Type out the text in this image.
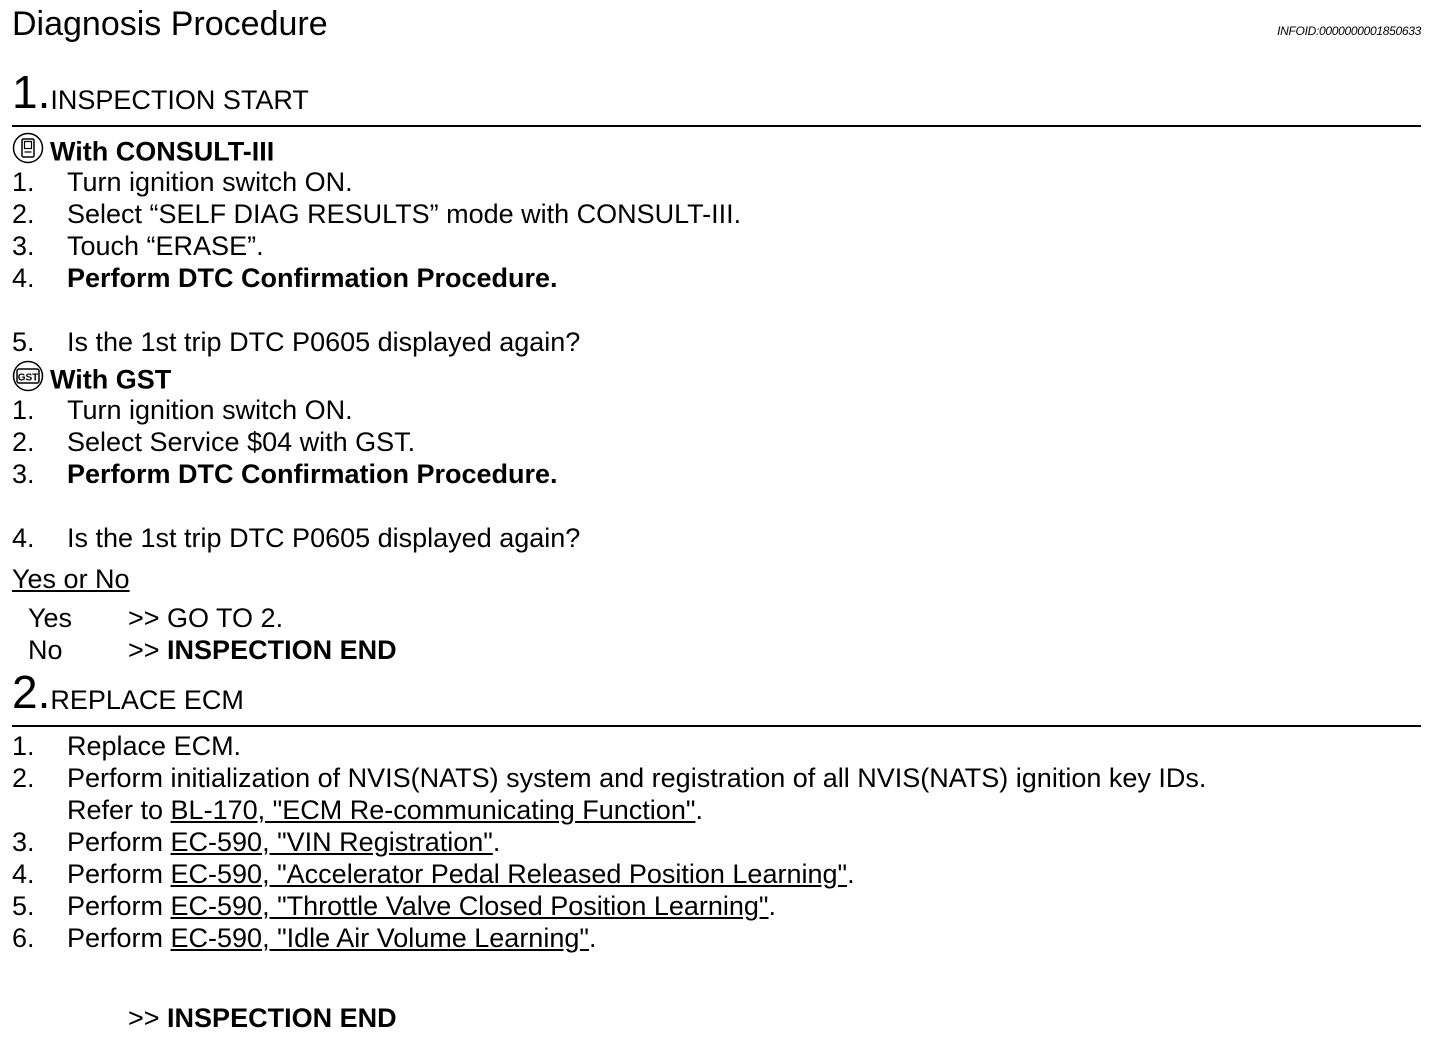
Diagnosis Procedure	INFOID:0000000001850633
1.INSPECTION START
With CONSULT-III
1. Turn ignition switch ON.
2. Select “SELF DIAG RESULTS” mode with CONSULT-III.
3. Touch “ERASE”.
4. Perform DTC Confirmation Procedure.
5. Is the 1st trip DTC P0605 displayed again?
GST With GST
1. Turn ignition switch ON.
2. Select Service $04 with GST.
3. Perform DTC Confirmation Procedure.
4. Is the 1st trip DTC P0605 displayed again?
Yes or No
Yes >> GO TO 2.
No >> INSPECTION END
2.REPLACE ECM
1. Replace ECM.
2. Perform initialization of NVIS(NATS) system and registration of all NVIS(NATS) ignition key IDs.
Refer to BL-170, "ECM Re-communicating Function".
3. Perform EC-590, "VIN Registration".
4. Perform EC-590, "Accelerator Pedal Released Position Learning".
5. Perform EC-590, "Throttle Valve Closed Position Learning".
6. Perform EC-590, "Idle Air Volume Learning".
>> INSPECTION END
